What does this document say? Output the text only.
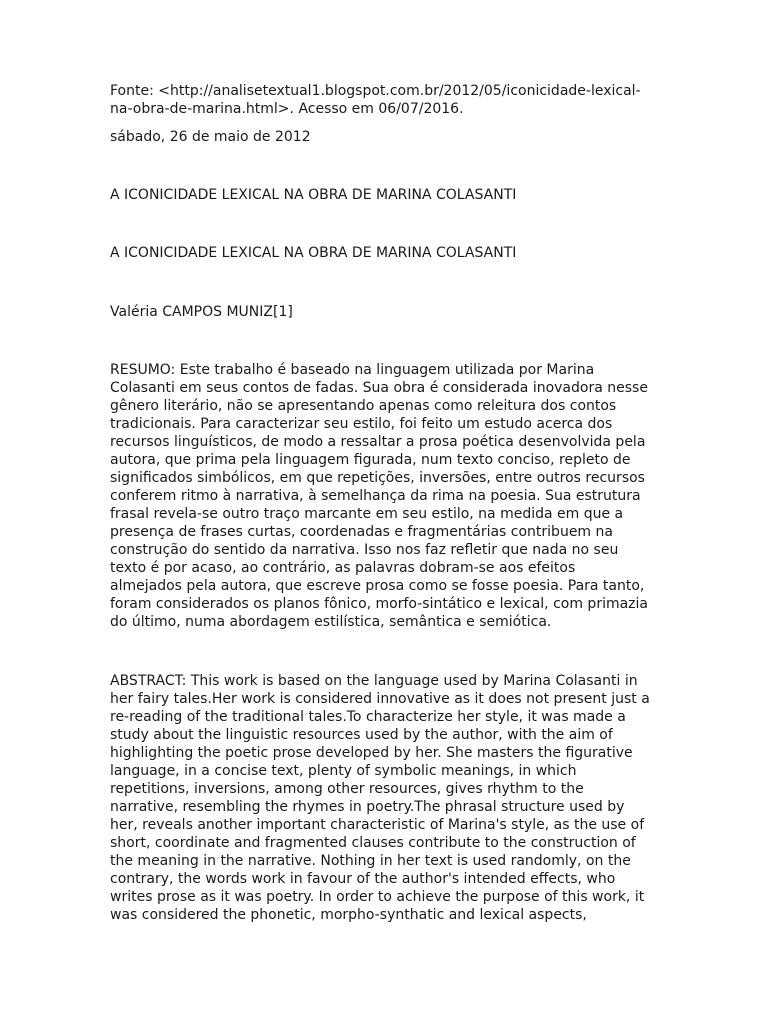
Fonte: <http://analisetextual1.blogspot.com.br/2012/05/iconicidade-lexical-
na-obra-de-marina.html>. Acesso em 06/07/2016.

sábado, 26 de maio de 2012

A ICONICIDADE LEXICAL NA OBRA DE MARINA COLASANTI

A ICONICIDADE LEXICAL NA OBRA DE MARINA COLASANTI

Valéria CAMPOS MUNIZ[1]

RESUMO: Este trabalho é baseado na linguagem utilizada por Marina
Colasanti em seus contos de fadas. Sua obra é considerada inovadora nesse
gênero literário, não se apresentando apenas como releitura dos contos
tradicionais. Para caracterizar seu estilo, foi feito um estudo acerca dos
recursos linguísticos, de modo a ressaltar a prosa poética desenvolvida pela
autora, que prima pela linguagem figurada, num texto conciso, repleto de
significados simbólicos, em que repetições, inversões, entre outros recursos
conferem ritmo à narrativa, à semelhança da rima na poesia. Sua estrutura
frasal revela-se outro traço marcante em seu estilo, na medida em que a
presença de frases curtas, coordenadas e fragmentárias contribuem na
construção do sentido da narrativa. Isso nos faz refletir que nada no seu
texto é por acaso, ao contrário, as palavras dobram-se aos efeitos
almejados pela autora, que escreve prosa como se fosse poesia. Para tanto,
foram considerados os planos fônico, morfo-sintático e lexical, com primazia
do último, numa abordagem estilística, semântica e semiótica.

ABSTRACT: This work is based on the language used by Marina Colasanti in
her fairy tales.Her work is considered innovative as it does not present just a
re-reading of the traditional tales.To characterize her style, it was made a
study about the linguistic resources used by the author, with the aim of
highlighting the poetic prose developed by her. She masters the figurative
language, in a concise text, plenty of symbolic meanings, in which
repetitions, inversions, among other resources, gives rhythm to the
narrative, resembling the rhymes in poetry.The phrasal structure used by
her, reveals another important characteristic of Marina's style, as the use of
short, coordinate and fragmented clauses contribute to the construction of
the meaning in the narrative. Nothing in her text is used randomly, on the
contrary, the words work in favour of the author's intended effects, who
writes prose as it was poetry. In order to achieve the purpose of this work, it
was considered the phonetic, morpho-synthatic and lexical aspects,
